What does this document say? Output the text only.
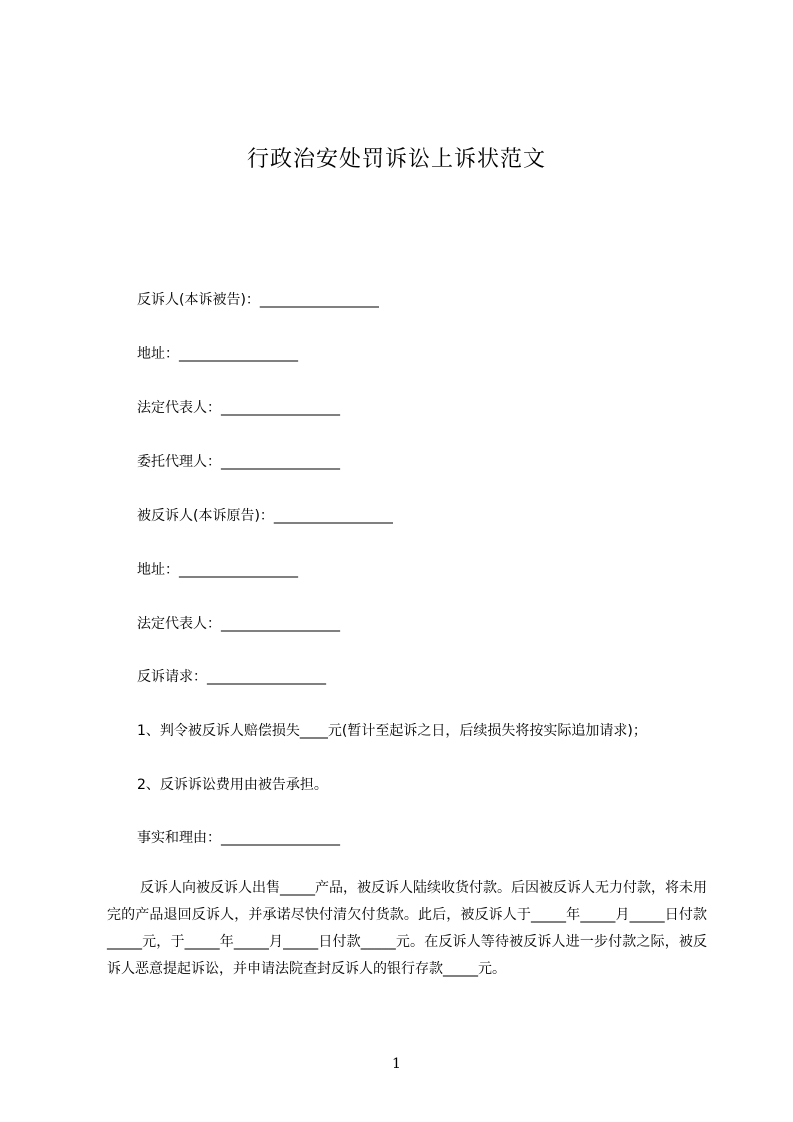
行政治安处罚诉讼上诉状范文

反诉人(本诉被告)：_________________

地址：_________________

法定代表人：_________________

委托代理人：_________________

被反诉人(本诉原告)：_________________

地址：_________________

法定代表人：_________________

反诉请求：_________________

1、判令被反诉人赔偿损失____元(暂计至起诉之日，后续损失将按实际追加请求)；

2、反诉诉讼费用由被告承担。

事实和理由：_________________

反诉人向被反诉人出售_____产品，被反诉人陆续收货付款。后因被反诉人无力付款，将未用完的产品退回反诉人，并承诺尽快付清欠付货款。此后，被反诉人于_____年_____月_____日付款_____元，于_____年_____月_____日付款_____元。在反诉人等待被反诉人进一步付款之际，被反诉人恶意提起诉讼，并申请法院查封反诉人的银行存款_____元。

1
